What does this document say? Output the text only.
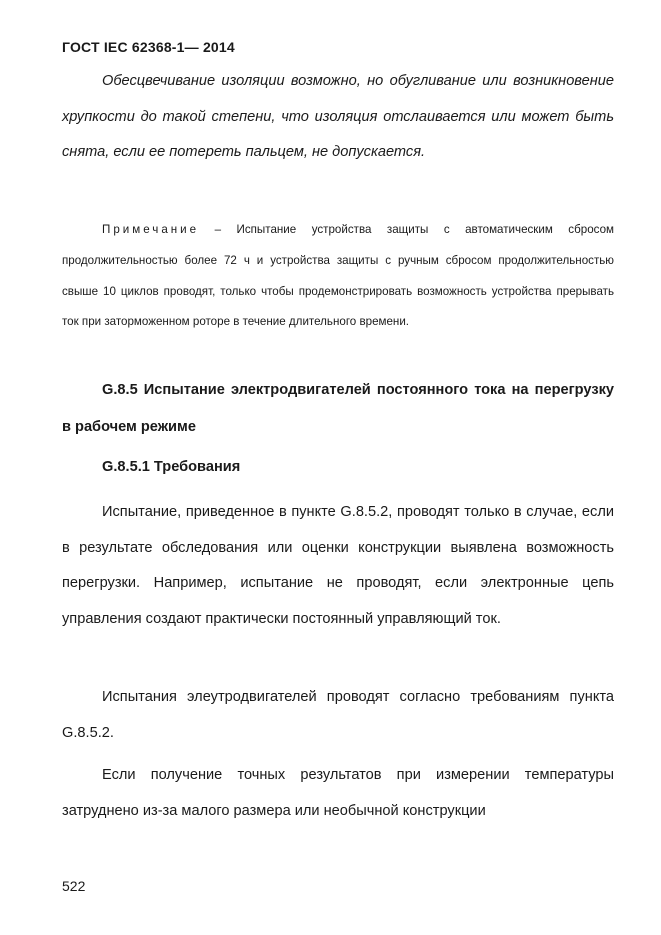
ГОСТ IEC 62368-1— 2014

Обесцвечивание изоляции возможно, но обугливание или возникновение хрупкости до такой степени, что изоляция отслаивается или может быть снята, если ее потереть пальцем, не допускается.

Примечание – Испытание устройства защиты с автоматическим сбросом продолжительностью более 72 ч и устройства защиты с ручным сбросом продолжительностью свыше 10 циклов проводят, только чтобы продемонстрировать возможность устройства прерывать ток при заторможенном роторе в течение длительного времени.

G.8.5 Испытание электродвигателей постоянного тока на перегрузку в рабочем режиме

G.8.5.1 Требования

Испытание, приведенное в пункте G.8.5.2, проводят только в случае, если в результате обследования или оценки конструкции выявлена возможность перегрузки. Например, испытание не проводят, если электронные цепь управления создают практически постоянный управляющий ток.

Испытания элеутродвигателей проводят согласно требованиям пункта G.8.5.2.

Если получение точных результатов при измерении температуры затруднено из-за малого размера или необычной конструкции

522
